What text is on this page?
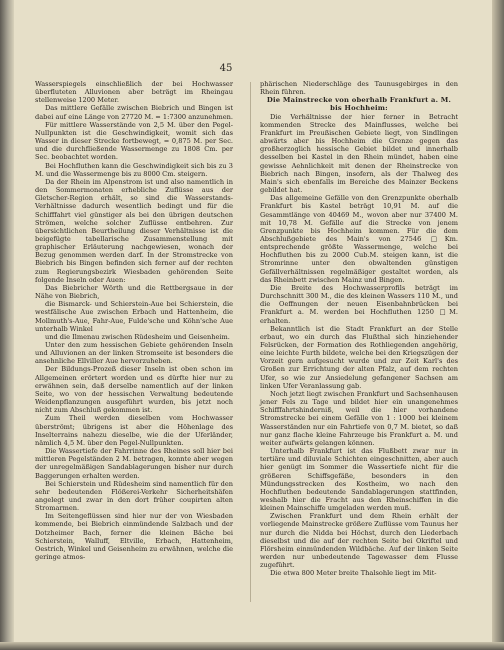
45

Wasserspiegels einschließlich der bei Hochwasser überfluteten Alluvionen aber beträgt im Rheingau stellenweise 1200 Meter.

Das mittlere Gefälle zwischen Biebrich und Bingen ist dabei auf eine Länge von 27720 M. = 1:7300 anzunehmen.

Für mittlere Wasserstände von 2,5 M. über den Pegel-Nullpunkten ist die Geschwindigkeit, womit sich das Wasser in dieser Strecke fortbewegt, = 0,875 M. per Sec. und die durchfließende Wassermenge zu 1808 Cm. per Sec. beobachtet worden.

Bei Hochfluthen kann die Geschwindigkeit sich bis zu 3 M. und die Wassermenge bis zu 8000 Cm. steigern.

Da der Rhein im Alpenstrom ist und also namentlich in den Sommermonaten erhebliche Zuflüsse aus der Gletscher-Region erhält, so sind die Wasserstands-Verhältnisse dadurch wesentlich bedingt und für die Schifffahrt viel günstiger als bei den übrigen deutschen Strömen, welche solcher Zuflüsse entbehren. Zur übersichtlichen Beurtheilung dieser Verhältnisse ist die beigefügte tabellarische Zusammenstellung mit graphischer Erläuterung nachgewiesen, wonach der Bezug genommen werden darf. In der Stromstrecke von Biebrich bis Bingen befinden sich ferner auf der rechten zum Regierungsbezirk Wiesbaden gehörenden Seite folgende Inseln oder Auen:

Das Biebricher Wörth und die Rettbergsaue in der Nähe von Biebrich,

die Bismarck- und Schierstein-Aue bei Schierstein, die westfälische Aue zwischen Erbach und Hattenheim, die Mollmuth's-Aue, Fahr-Aue, Fulde'sche und Köhn'sche Aue unterhalb Winkel

und die Ilmenau zwischen Rüdesheim und Geisenheim.

Unter den zum hessischen Gebiete gehörenden Inseln und Alluvionen an der linken Stromseite ist besonders die ansehnliche Ellviller Aue hervorzuheben.

Der Bildungs-Prozeß dieser Inseln ist oben schon im Allgemeinen erörtert worden und es dürfte hier nur zu erwähnen sein, daß derselbe namentlich auf der linken Seite, wo von der hessischen Verwaltung bedeutende Weidenpflanzungen ausgeführt wurden, bis jetzt noch nicht zum Abschluß gekommen ist.

Zum Theil werden dieselben vom Hochwasser überströmt; übrigens ist aber die Höhenlage des Inselterrains nahezu dieselbe, wie die der Uferländer, nämlich 4,5 M. über den Pegel-Nullpunkten.

Die Wassertiefe der Fahrrinne des Rheines soll hier bei mittleren Pegelständen 2 M. betragen, konnte aber wegen der unregelmäßigen Sandablagerungen bisher nur durch Baggerungen erhalten werden.

Bei Schierstein und Rüdesheim sind namentlich für den sehr bedeutenden Flößerei-Verkehr Sicherheitshäfen angelegt und zwar in den dort früher coupirten alten Stromarmen.

Im Seitengeflüssen sind hier nur der von Wiesbaden kommende, bei Biebrich einmündende Salzbach und der Dotzheimer Bach, ferner die kleinen Bäche bei Schierstein, Walluff, Eltville, Erbach, Hattenheim, Oestrich, Winkel und Geisenheim zu erwähnen, welche die geringe atmos-

phärischen Niederschläge des Taunusgebirges in den Rhein führen.

Die Mainstrecke von oberhalb Frankfurt a. M. bis Hochheim:

Die Verhältnisse der hier ferner in Betracht kommenden Strecke des Mainflusses, welche bei Frankfurt im Preußischen Gebiete liegt, von Sindlingen abwärts aber bis Hochheim die Grenze gegen das großherzoglich hessische Gebiet bildet und innerhalb desselben bei Kastel in den Rhein mündet, haben eine gewisse Aehnlichkeit mit denen der Rheinstrecke von Biebrich nach Bingen, insofern, als der Thalweg des Main's sich ebenfalls im Bereiche des Mainzer Beckens gebildet hat.

Das allgemeine Gefälle von den Grenzpunkte oberhalb Frankfurt bis Kastel beträgt 10,91 M. auf die Gesammtlänge von 40469 M., wovon aber nur 37400 M. mit 10,78 M. Gefälle auf die Strecke von jenem Grenzpunkte bis Hochheim kommen. Für die dem Abschlußgebiete des Main's von 27546 □Km. entsprechende größte Wassermenge, welche bei Hochfluthen bis zu 2000 Cub.M. steigen kann, ist die Stromrinne unter den obwaltenden günstigen Gefällverhältnissen regelmäßiger gestaltet worden, als das Rheinbett zwischen Mainz und Bingen.

Die Breite des Hochwasserprofils beträgt im Durchschnitt 300 M., die des kleinen Wassers 110 M., und die Oeffnungen der neuen Eisenbahnbrücken bei Frankfurt a. M. werden bei Hochfluthen 1250 □M. erhalten.

Bekanntlich ist die Stadt Frankfurt an der Stelle erbaut, wo ein durch das Flußthal sich hinziehender Felsrücken, der Formation des Rothliegenden angehörig, eine leichte Furth bildete, welche bei den Kriegszügen der Vorzeit gern aufgesucht wurde und zur Zeit Karl's des Großen zur Errichtung der alten Pfalz, auf dem rechten Ufer, so wie zur Ansiedelung gefangener Sachsen am linken Ufer Veranlassung gab.

Noch jetzt liegt zwischen Frankfurt und Sachsenhausen jener Fels zu Tage und bildet hier ein unangenehmes Schifffahrtshinderniß, weil die hier vorhandene Stromstrecke bei einem Gefälle von 1 : 1000 bei kleinem Wasserständen nur ein Fahrtiefe von 0,7 M. bietet, so daß nur ganz flache kleine Fahrzeuge bis Frankfurt a. M. und weiter aufwärts gelangen können.

Unterhalb Frankfurt ist das Flußbett zwar nur in tertiäre und diluviale Schichten eingeschnitten, aber auch hier genügt im Sommer die Wassertiefe nicht für die größeren Schiffsgefäße, besonders in den Mündungsstrecken des Kostheim, wo nach den Hochfluthen bedeutende Sandablagerungen stattfinden, weshalb hier die Fracht aus den Rheinschiffen in die kleinen Mainschiffe umgeladen werden muß.

Zwischen Frankfurt und dem Rhein erhält der vorliegende Mainstrecke größere Zuflüsse vom Taunus her nur durch die Nidda bei Höchst, durch den Liederbach dieselbst und die auf der rechten Seite bei Okriftel und Flörsheim einmündenden Wildbäche. Auf der linken Seite werden nur unbedeutende Tagewasser dem Flusse zugeführt.

Die etwa 800 Meter breite Thalsohle liegt im Mit-
